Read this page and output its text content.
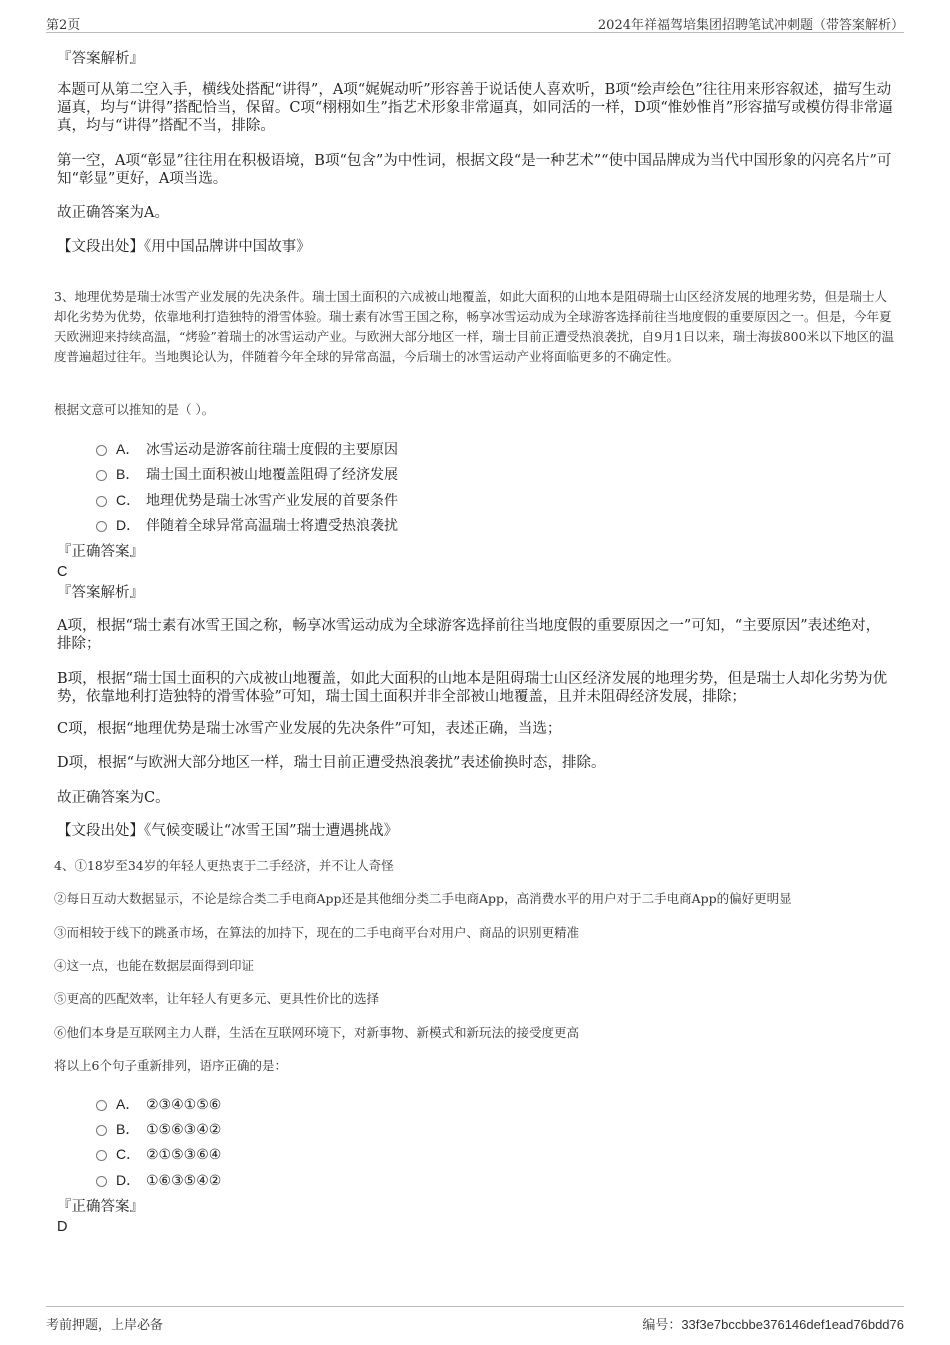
第2页	2024年祥福驾培集团招聘笔试冲刺题（带答案解析）
『答案解析』
本题可从第二空入手，横线处搭配“讲得”，A项“娓娓动听”形容善于说话使人喜欢听，B项“绘声绘色”往往用来形容叙述，描写生动逼真，均与“讲得”搭配恰当，保留。C项“栩栩如生”指艺术形象非常逼真，如同活的一样，D项“惟妙惟肖”形容描写或模仿得非常逼真，均与“讲得”搭配不当，排除。
第一空，A项“彰显”往往用在积极语境，B项“包含”为中性词，根据文段“是一种艺术”“使中国品牌成为当代中国形象的闪亮名片”可知“彰显”更好，A项当选。
故正确答案为A。
【文段出处】《用中国品牌讲中国故事》
3、地理优势是瑞士冰雪产业发展的先决条件。瑞士国土面积的六成被山地覆盖，如此大面积的山地本是阻碍瑞士山区经济发展的地理劣势，但是瑞士人却化劣势为优势，依靠地利打造独特的滑雪体验。瑞士素有冰雪王国之称，畅享冰雪运动成为全球游客选择前往当地度假的重要原因之一。但是，今年夏天欧洲迎来持续高温，“烤验”着瑞士的冰雪运动产业。与欧洲大部分地区一样，瑞士目前正遭受热浪袭扰，自9月1日以来，瑞士海拔800米以下地区的温度普遍超过往年。当地舆论认为，伴随着今年全球的异常高温，今后瑞士的冰雪运动产业将面临更多的不确定性。
根据文意可以推知的是（ ）。
A． 冰雪运动是游客前往瑞士度假的主要原因
B． 瑞士国土面积被山地覆盖阻碍了经济发展
C． 地理优势是瑞士冰雪产业发展的首要条件
D． 伴随着全球异常高温瑞士将遭受热浪袭扰
『正确答案』
C
『答案解析』
A项，根据“瑞士素有冰雪王国之称，畅享冰雪运动成为全球游客选择前往当地度假的重要原因之一”可知，“主要原因”表述绝对，排除；
B项，根据“瑞士国土面积的六成被山地覆盖，如此大面积的山地本是阻碍瑞士山区经济发展的地理劣势，但是瑞士人却化劣势为优势，依靠地利打造独特的滑雪体验”可知，瑞士国土面积并非全部被山地覆盖，且并未阻碍经济发展，排除；
C项，根据“地理优势是瑞士冰雪产业发展的先决条件”可知，表述正确，当选；
D项，根据“与欧洲大部分地区一样，瑞士目前正遭受热浪袭扰”表述偷换时态，排除。
故正确答案为C。
【文段出处】《气候变暖让“冰雪王国”瑞士遭遇挑战》
4、①18岁至34岁的年轻人更热衷于二手经济，并不让人奇怪
②每日互动大数据显示，不论是综合类二手电商App还是其他细分类二手电商App，高消费水平的用户对于二手电商App的偏好更明显
③而相较于线下的跳蚤市场，在算法的加持下，现在的二手电商平台对用户、商品的识别更精准
④这一点，也能在数据层面得到印证
⑤更高的匹配效率，让年轻人有更多元、更具性价比的选择
⑥他们本身是互联网主力人群，生活在互联网环境下，对新事物、新模式和新玩法的接受度更高
将以上6个句子重新排列，语序正确的是：
A． ②③④①⑤⑥
B． ①⑤⑥③④②
C． ②①⑤③⑥④
D． ①⑥③⑤④②
『正确答案』
D
考前押题，上岸必备	编号：33f3e7bccbbe376146def1ead76bdd76
